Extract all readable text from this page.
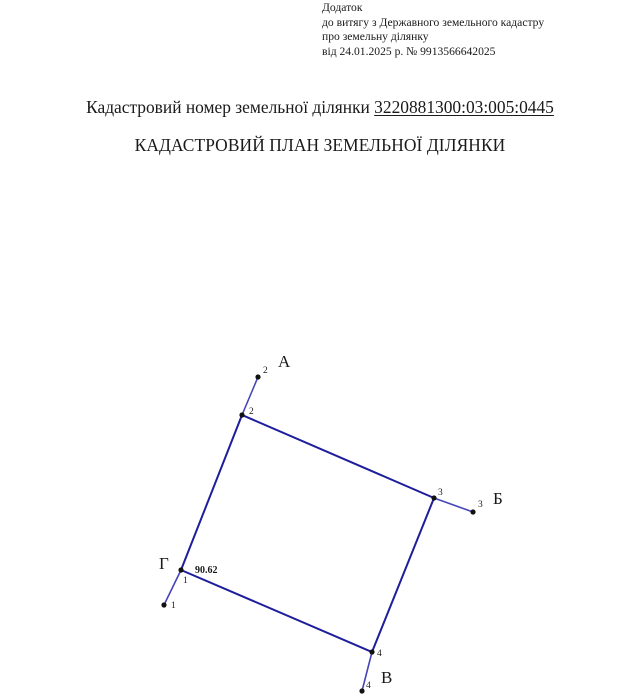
Додаток
до витягу з Державного земельного кадастру
про земельну ділянку
від 24.01.2025 р. № 9913566642025
Кадастровий номер земельної ділянки 3220881300:03:005:0445
КАДАСТРОВИЙ ПЛАН ЗЕМЕЛЬНОЇ ДІЛЯНКИ
2
3
1
4
2
3
1
4
А
Б
В
Г	90.62
